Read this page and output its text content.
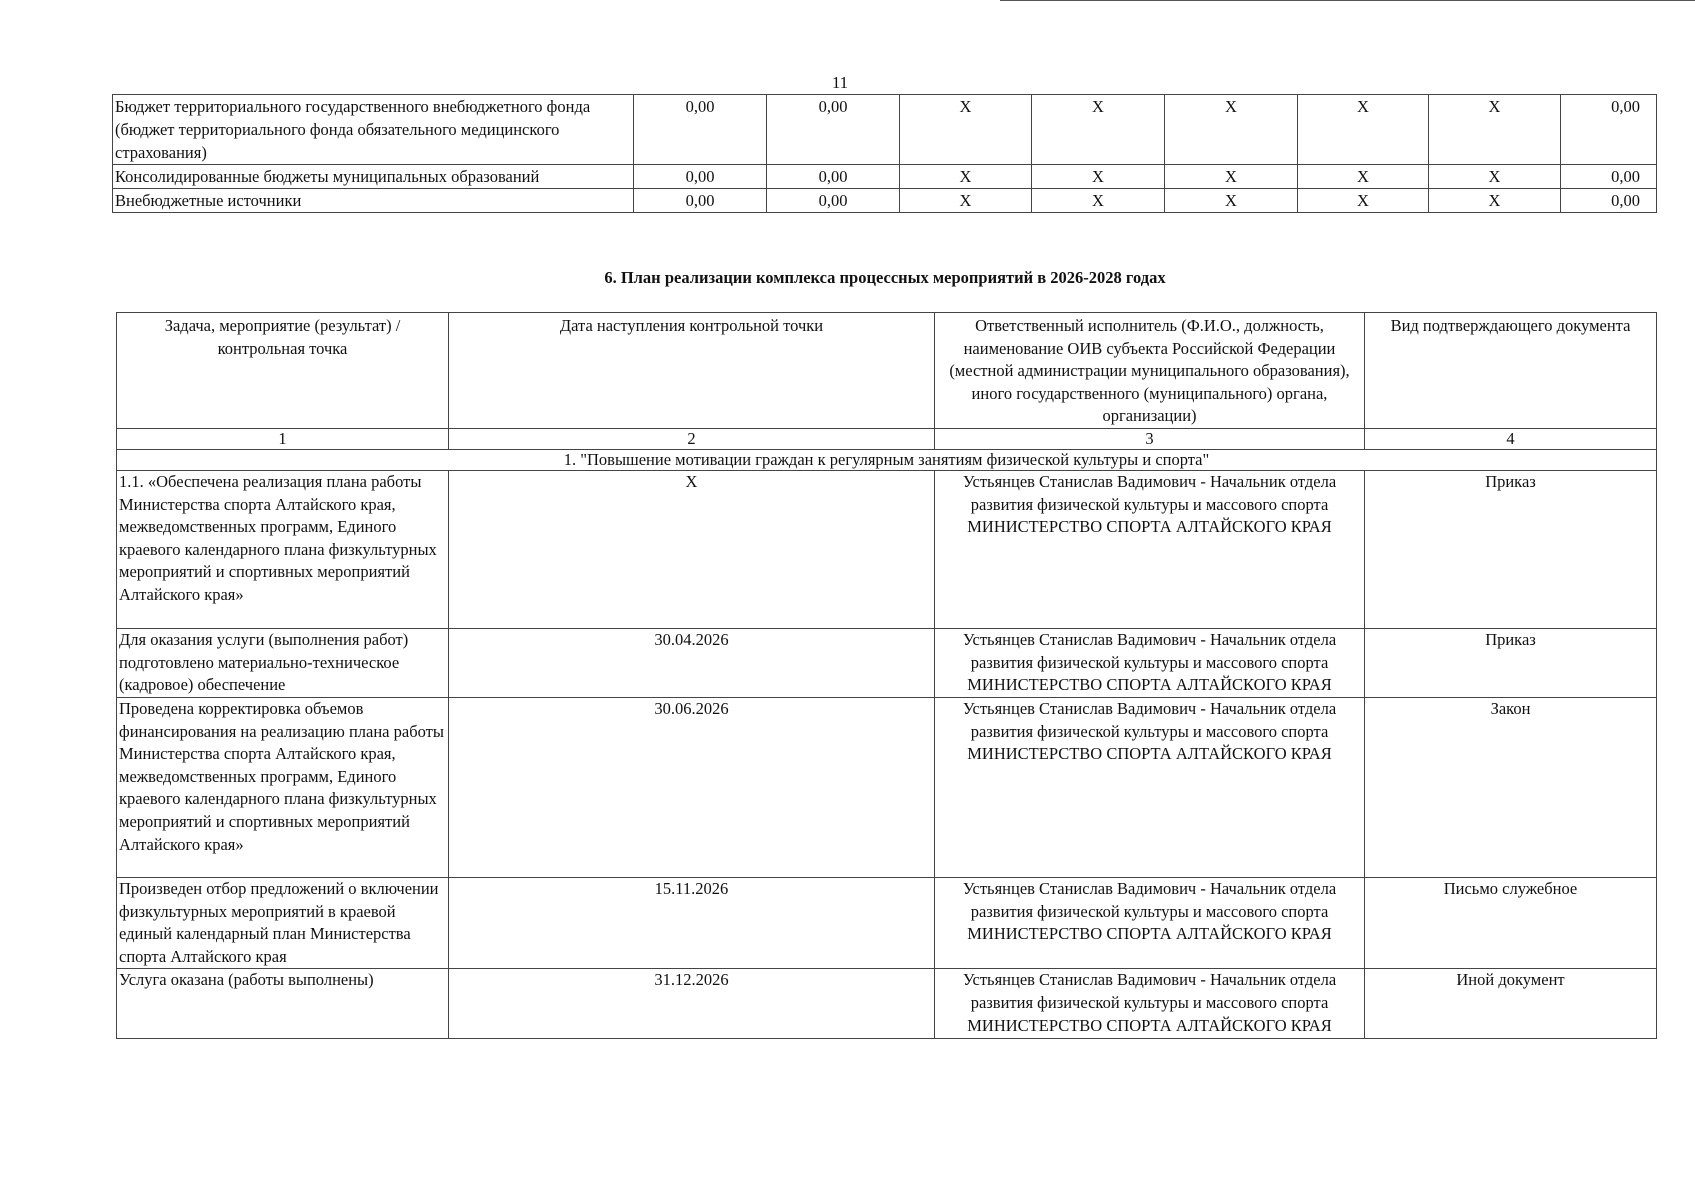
11
Бюджет территориального государственного внебюджетного фонда (бюджет территориального фонда обязательного медицинского страхования)	0,00	0,00	X	X	X	X	X	0,00
Консолидированные бюджеты муниципальных образований	0,00	0,00	X	X	X	X	X	0,00
Внебюджетные источники	0,00	0,00	X	X	X	X	X	0,00
6. План реализации комплекса процессных мероприятий в 2026-2028 годах
Задача, мероприятие (результат) / контрольная точка	Дата наступления контрольной точки	Ответственный исполнитель (Ф.И.О., должность, наименование ОИВ субъекта Российской Федерации (местной администрации муниципального образования), иного государственного (муниципального) органа, организации)	Вид подтверждающего документа
1	2	3	4
1. "Повышение мотивации граждан к регулярным занятиям физической культуры и спорта"			
1.1. «Обеспечена реализация плана работы Министерства спорта Алтайского края, межведомственных программ, Единого краевого календарного плана физкультурных мероприятий и спортивных мероприятий Алтайского края»	X	Устьянцев Станислав Вадимович - Начальник отдела развития физической культуры и массового спорта МИНИСТЕРСТВО СПОРТА АЛТАЙСКОГО КРАЯ	Приказ
Для оказания услуги (выполнения работ) подготовлено материально-техническое (кадровое) обеспечение	30.04.2026	Устьянцев Станислав Вадимович - Начальник отдела развития физической культуры и массового спорта МИНИСТЕРСТВО СПОРТА АЛТАЙСКОГО КРАЯ	Приказ
Проведена корректировка объемов финансирования на реализацию плана работы Министерства спорта Алтайского края, межведомственных программ, Единого краевого календарного плана физкультурных мероприятий и спортивных мероприятий Алтайского края»	30.06.2026	Устьянцев Станислав Вадимович - Начальник отдела развития физической культуры и массового спорта МИНИСТЕРСТВО СПОРТА АЛТАЙСКОГО КРАЯ	Закон
Произведен отбор предложений о включении физкультурных мероприятий в краевой единый календарный план Министерства спорта Алтайского края	15.11.2026	Устьянцев Станислав Вадимович - Начальник отдела развития физической культуры и массового спорта МИНИСТЕРСТВО СПОРТА АЛТАЙСКОГО КРАЯ	Письмо служебное
Услуга оказана (работы выполнены)	31.12.2026	Устьянцев Станислав Вадимович - Начальник отдела развития физической культуры и массового спорта МИНИСТЕРСТВО СПОРТА АЛТАЙСКОГО КРАЯ	Иной документ
